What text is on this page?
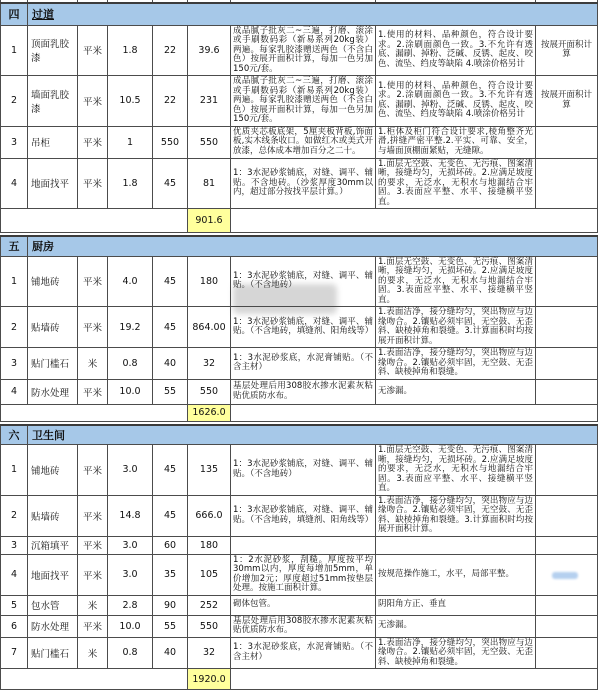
四	过道							
1	顶面乳胶漆	平米	1.8	22	39.6	成品腻子批灰二~三遍，打磨、滚涂或手刷数码彩（新易系列20kg装）两遍。每家乳胶漆赠送两色（不含白色）按展开面积计算，每加一色另加150元/套。	1.使用的材料、品种颜色，符合设计要求。2.涂刷面颜色一致。3.不允许有透底、漏刷、掉粉、泛碱、反锈、起皮、咬色、流坠、绉皮等缺陷 4.喷涂价格另计	按展开面积计算
2	墙面乳胶漆	平米	10.5	22	231	成品腻子批灰二~三遍，打磨、滚涂或手刷数码彩（新易系列20kg装）两遍。每家乳胶漆赠送两色（不含白色）按展开面积计算，每加一色另加150元/套。	1.使用的材料、品种颜色，符合设计要求。2.涂刷面颜色一致。3.不允许有透底、漏刷、掉粉、泛碱、反锈、起皮、咬色、流坠、绉皮等缺陷 4.喷涂价格另计	按展开面积计算
3	吊柜	平米	1	550	550	优质夹芯板底架，5厘夹板背板,饰面板,实木线条收口。如做红木或美式开放漆，总体成本增加百分之二十。	1.柜体及柜门符合设计要求,棱角整齐光滑,拼缝严密平整.2.平实、可靠、安全，与墙面顶棚面紧贴，无缝隙。	
4	地面找平	平米	1.8	45	81	1：3水泥砂浆铺底，对缝、调平、辅贴。不含地砖。（沙浆厚度30mm以内，超过部分按找平层计算。）	1.面层无空鼓、无变色、无污痕、图案清晰，接缝均匀，无损坏砖。2.应满足坡度的要求，无泛水，无积水与地漏结合牢固。3.表面应平整、水平、接缝横平竖直。	
					901.6			

五	厨房							
1	铺地砖	平米	4.0	45	180	1：3水泥砂浆铺底，对缝、调平、辅贴。（不含地砖）	1.面层无空鼓、无变色、无污痕、图案清晰，接缝均匀，无损坏砖。2.应满足坡度的要求，无泛水，无积水与地漏结合牢固。3.表面应平整、水平、接缝横平竖直。	
2	贴墙砖	平米	19.2	45	864.00	1：3水泥砂浆铺底，对缝、调平、辅贴。（不含地砖，填缝剂、阳角线等）	1.表面洁净，接分缝均匀，突出物应与边缘吻合。2.镶贴必须牢固，无空鼓、无歪斜、缺棱掉角和裂缝。3.计算面积时均按展开面积计算。	
3	贴门槛石	米	0.8	40	32	1：3水泥砂浆底，水泥膏铺贴。（不含主材）	1.表面洁净，接分缝均匀，突出物应与边缘吻合。2.镶贴必须牢固，无空鼓、无歪斜、缺棱掉角和裂缝。	
4	防水处理	平米	10.0	55	550	基层处理后用308胶水掺水泥素灰粘贴优质防水布。	无渗漏。	
					1626.0			

六	卫生间							
1	铺地砖	平米	3.0	45	135	1：3水泥砂浆铺底，对缝、调平、辅贴。（不含地砖）	1.面层无空鼓、无变色、无污痕、图案清晰，接缝均匀，无损坏砖。2.应满足坡度的要求，无泛水，无积水与地漏结合牢固。3.表面应平整、水平、接缝横平竖直。	
2	贴墙砖	平米	14.8	45	666.0	1：3水泥砂浆铺底，对缝、调平、辅贴。（不含地砖，填缝剂、阳角线等）	1.表面洁净，接分缝均匀，突出物应与边缘吻合。2.镶贴必须牢固，无空鼓、无歪斜、缺棱掉角和裂缝。3.计算面积时均按展开面积计算。	
3	沉箱填平	平米	3.0	60	180			
4	地面找平	平米	3.0	35	105	1：2水泥砂浆，刮糙。厚度按平均30mm以内，厚度每增加5mm，单价增加2元；厚度超过51mm按垫层处理。按施工面积计算。	按规范操作施工，水平，局部平整。	
5	包水管	米	2.8	90	252	砌体包管。	阴阳角方正、垂直	
6	防水处理	平米	10.0	55	550	基层处理后用308胶水掺水泥素灰粘贴优质防水布。	无渗漏。	
7	贴门槛石	米	0.8	40	32	1：3水泥砂浆底，水泥膏铺贴。（不含主材）	1.表面洁净，接分缝均匀，突出物应与边缘吻合。2.镶贴必须牢固，无空鼓、无歪斜、缺棱掉角和裂缝。	
					1920.0			
